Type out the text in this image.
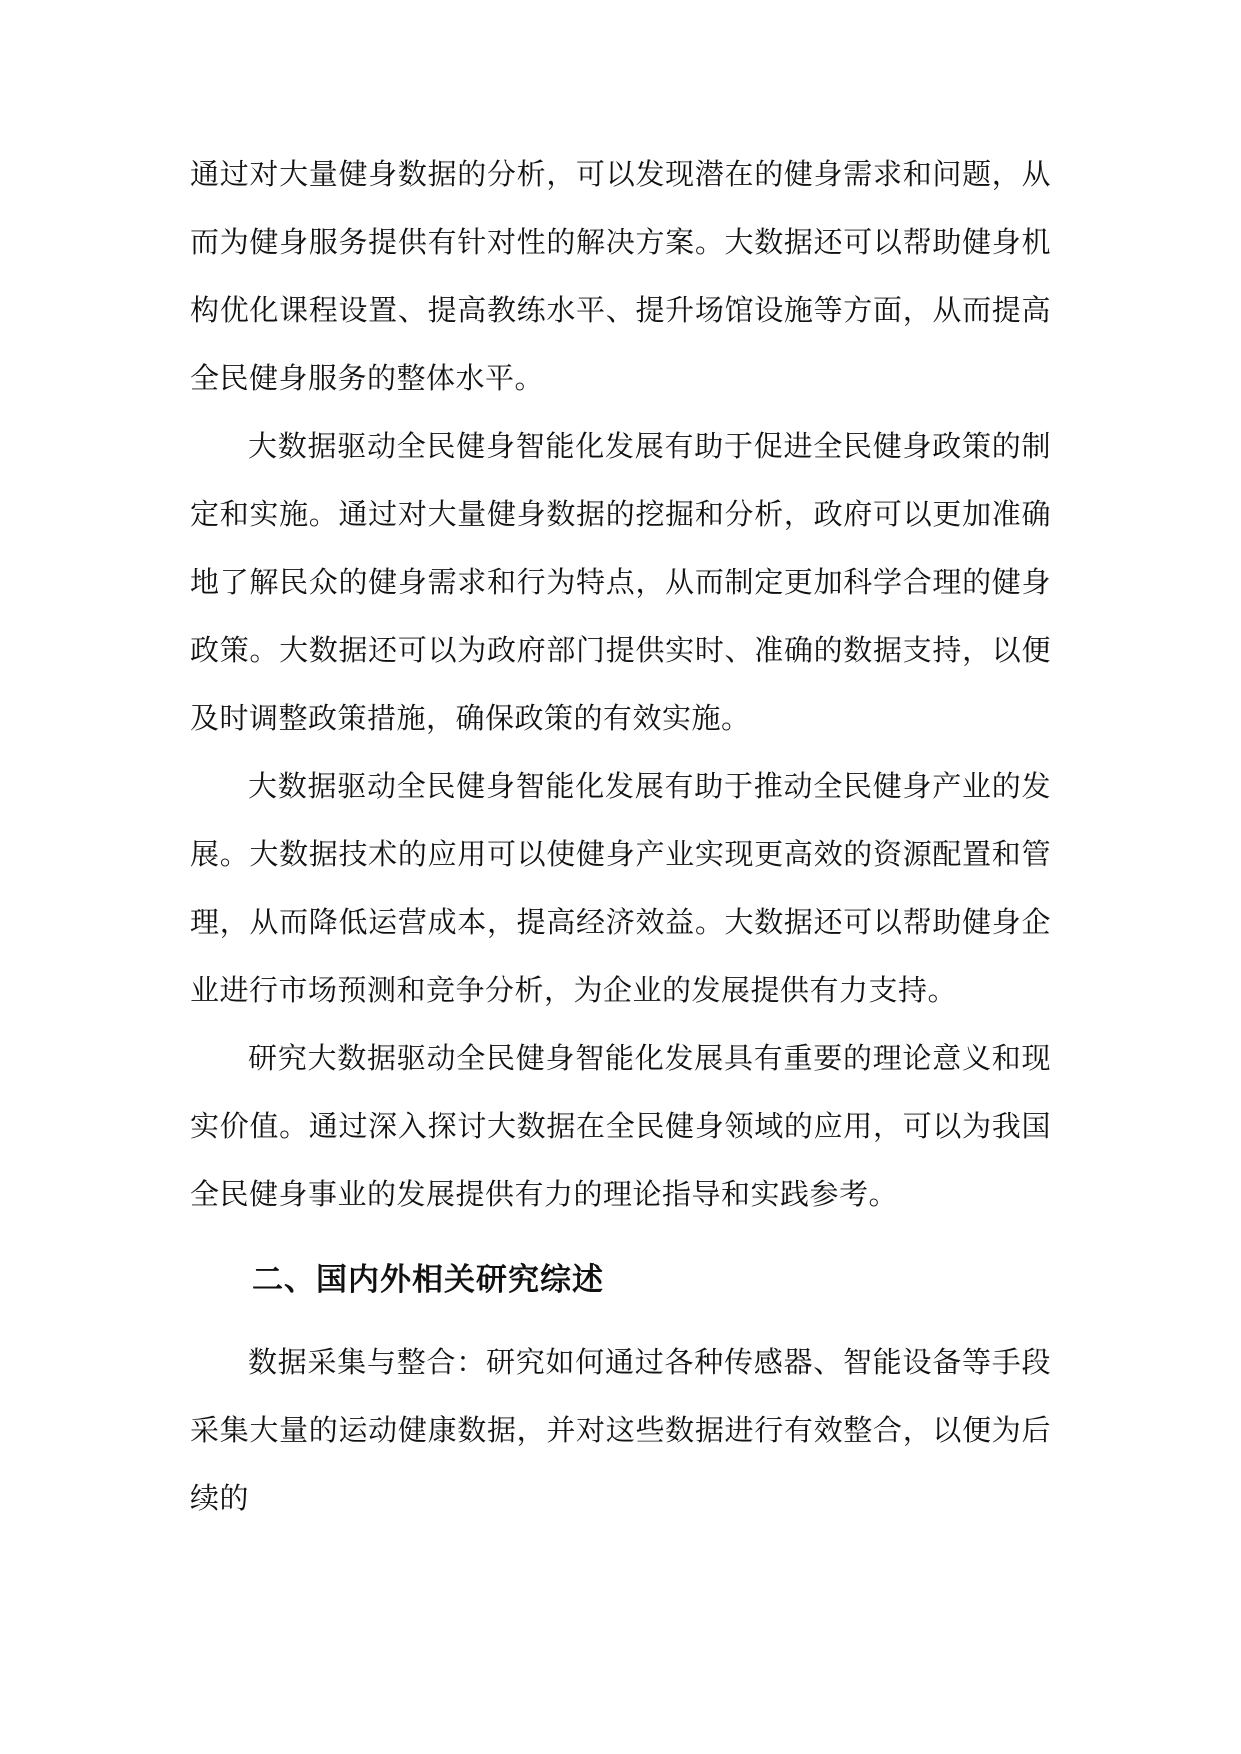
通过对大量健身数据的分析，可以发现潜在的健身需求和问题，从而为健身服务提供有针对性的解决方案。大数据还可以帮助健身机构优化课程设置、提高教练水平、提升场馆设施等方面，从而提高全民健身服务的整体水平。

大数据驱动全民健身智能化发展有助于促进全民健身政策的制定和实施。通过对大量健身数据的挖掘和分析，政府可以更加准确地了解民众的健身需求和行为特点，从而制定更加科学合理的健身政策。大数据还可以为政府部门提供实时、准确的数据支持，以便及时调整政策措施，确保政策的有效实施。

大数据驱动全民健身智能化发展有助于推动全民健身产业的发展。大数据技术的应用可以使健身产业实现更高效的资源配置和管理，从而降低运营成本，提高经济效益。大数据还可以帮助健身企业进行市场预测和竞争分析，为企业的发展提供有力支持。

研究大数据驱动全民健身智能化发展具有重要的理论意义和现实价值。通过深入探讨大数据在全民健身领域的应用，可以为我国全民健身事业的发展提供有力的理论指导和实践参考。

二、国内外相关研究综述

数据采集与整合：研究如何通过各种传感器、智能设备等手段采集大量的运动健康数据，并对这些数据进行有效整合，以便为后续的
